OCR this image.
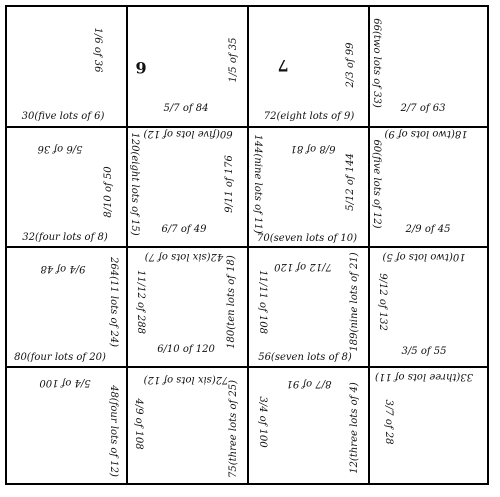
30(five lots of 6)
1/6 of 36 6	1/5 of 35
5/7 of 84
7	2/3 of 99
72(eight lots of 9)
66(two lots of 33)
2/7 of 63
5/6 of 36
8/10 of 50
32(four lots of 8)
60(five lots of 12)
120(eight lots of 15)	9/11 of 176
6/7 of 49
6/8 of 81
144(nine lots of 11)	5/12 of 144
70(seven lots of 10)
18(two lots of 9)
60(five lots of 12)
2/9 of 45
9/4 of 48 264(11 lots of 24)
80(four lots of 20)
42(six lots of 7)
11/12 of 288	180(ten lots of 18)
6/10 of 120
7/12 of 120
11/11 of 108	189(nine lots of 21)
56(seven lots of 8)
10(two lots of 5)
9/12 of 132
3/5 of 55
5/4 of 100
48(four lots of 12)
72(six lots of 12)
4/9 of 108	75(three lots of 25)	8/7 of 91
3/4 of 100	12(three lots of 4)
33(three lots of 11)
3/7 of 28
